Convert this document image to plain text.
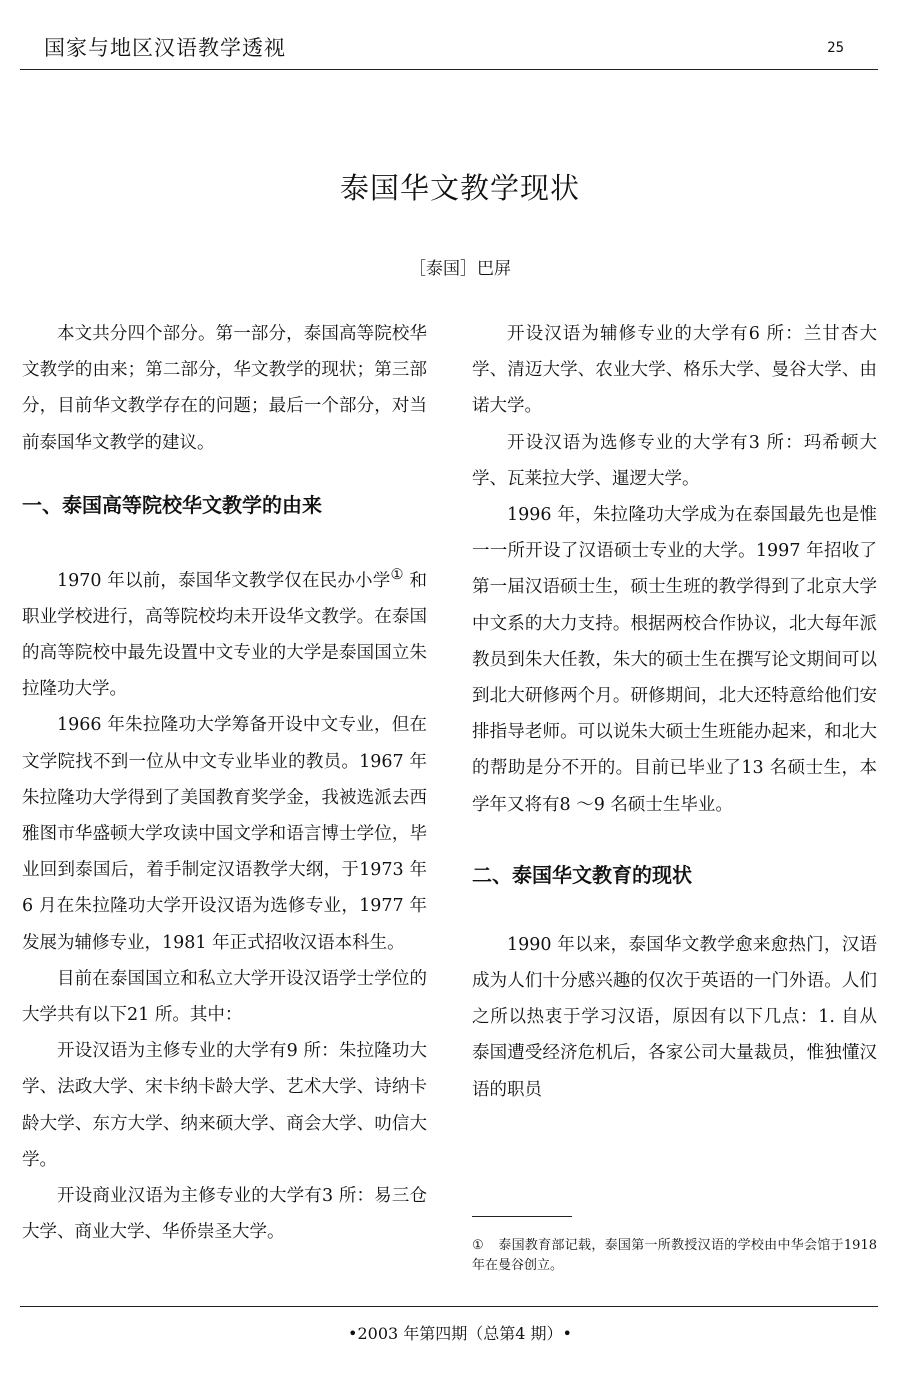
国家与地区汉语教学透视	25
泰国华文教学现状
［泰国］巴屏

本文共分四个部分。第一部分，泰国高等院校华文教学的由来；第二部分，华文教学的现状；第三部分，目前华文教学存在的问题；最后一个部分，对当前泰国华文教学的建议。

一、泰国高等院校华文教学的由来

1970 年以前，泰国华文教学仅在民办小学① 和职业学校进行，高等院校均未开设华文教学。在泰国的高等院校中最先设置中文专业的大学是泰国国立朱拉隆功大学。

1966 年朱拉隆功大学筹备开设中文专业，但在文学院找不到一位从中文专业毕业的教员。1967 年朱拉隆功大学得到了美国教育奖学金，我被选派去西雅图市华盛顿大学攻读中国文学和语言博士学位，毕业回到泰国后，着手制定汉语教学大纲，于1973 年6 月在朱拉隆功大学开设汉语为选修专业，1977 年发展为辅修专业，1981 年正式招收汉语本科生。

目前在泰国国立和私立大学开设汉语学士学位的大学共有以下21 所。其中：

开设汉语为主修专业的大学有9 所：朱拉隆功大学、法政大学、宋卡纳卡龄大学、艺术大学、诗纳卡龄大学、东方大学、纳来硕大学、商会大学、叻信大学。

开设商业汉语为主修专业的大学有3 所：易三仓大学、商业大学、华侨崇圣大学。

开设汉语为辅修专业的大学有6 所：兰甘杏大学、清迈大学、农业大学、格乐大学、曼谷大学、由诺大学。

开设汉语为选修专业的大学有3 所：玛希顿大学、瓦莱拉大学、暹逻大学。

1996 年，朱拉隆功大学成为在泰国最先也是惟一一所开设了汉语硕士专业的大学。1997 年招收了第一届汉语硕士生，硕士生班的教学得到了北京大学中文系的大力支持。根据两校合作协议，北大每年派教员到朱大任教，朱大的硕士生在撰写论文期间可以到北大研修两个月。研修期间，北大还特意给他们安排指导老师。可以说朱大硕士生班能办起来，和北大的帮助是分不开的。目前已毕业了13 名硕士生，本学年又将有8 ～9 名硕士生毕业。

二、泰国华文教育的现状

1990 年以来，泰国华文教学愈来愈热门，汉语成为人们十分感兴趣的仅次于英语的一门外语。人们之所以热衷于学习汉语，原因有以下几点：1. 自从泰国遭受经济危机后，各家公司大量裁员，惟独懂汉语的职员

① 泰国教育部记载，泰国第一所教授汉语的学校由中华会馆于1918 年在曼谷创立。
•2003 年第四期（总第4 期）•
